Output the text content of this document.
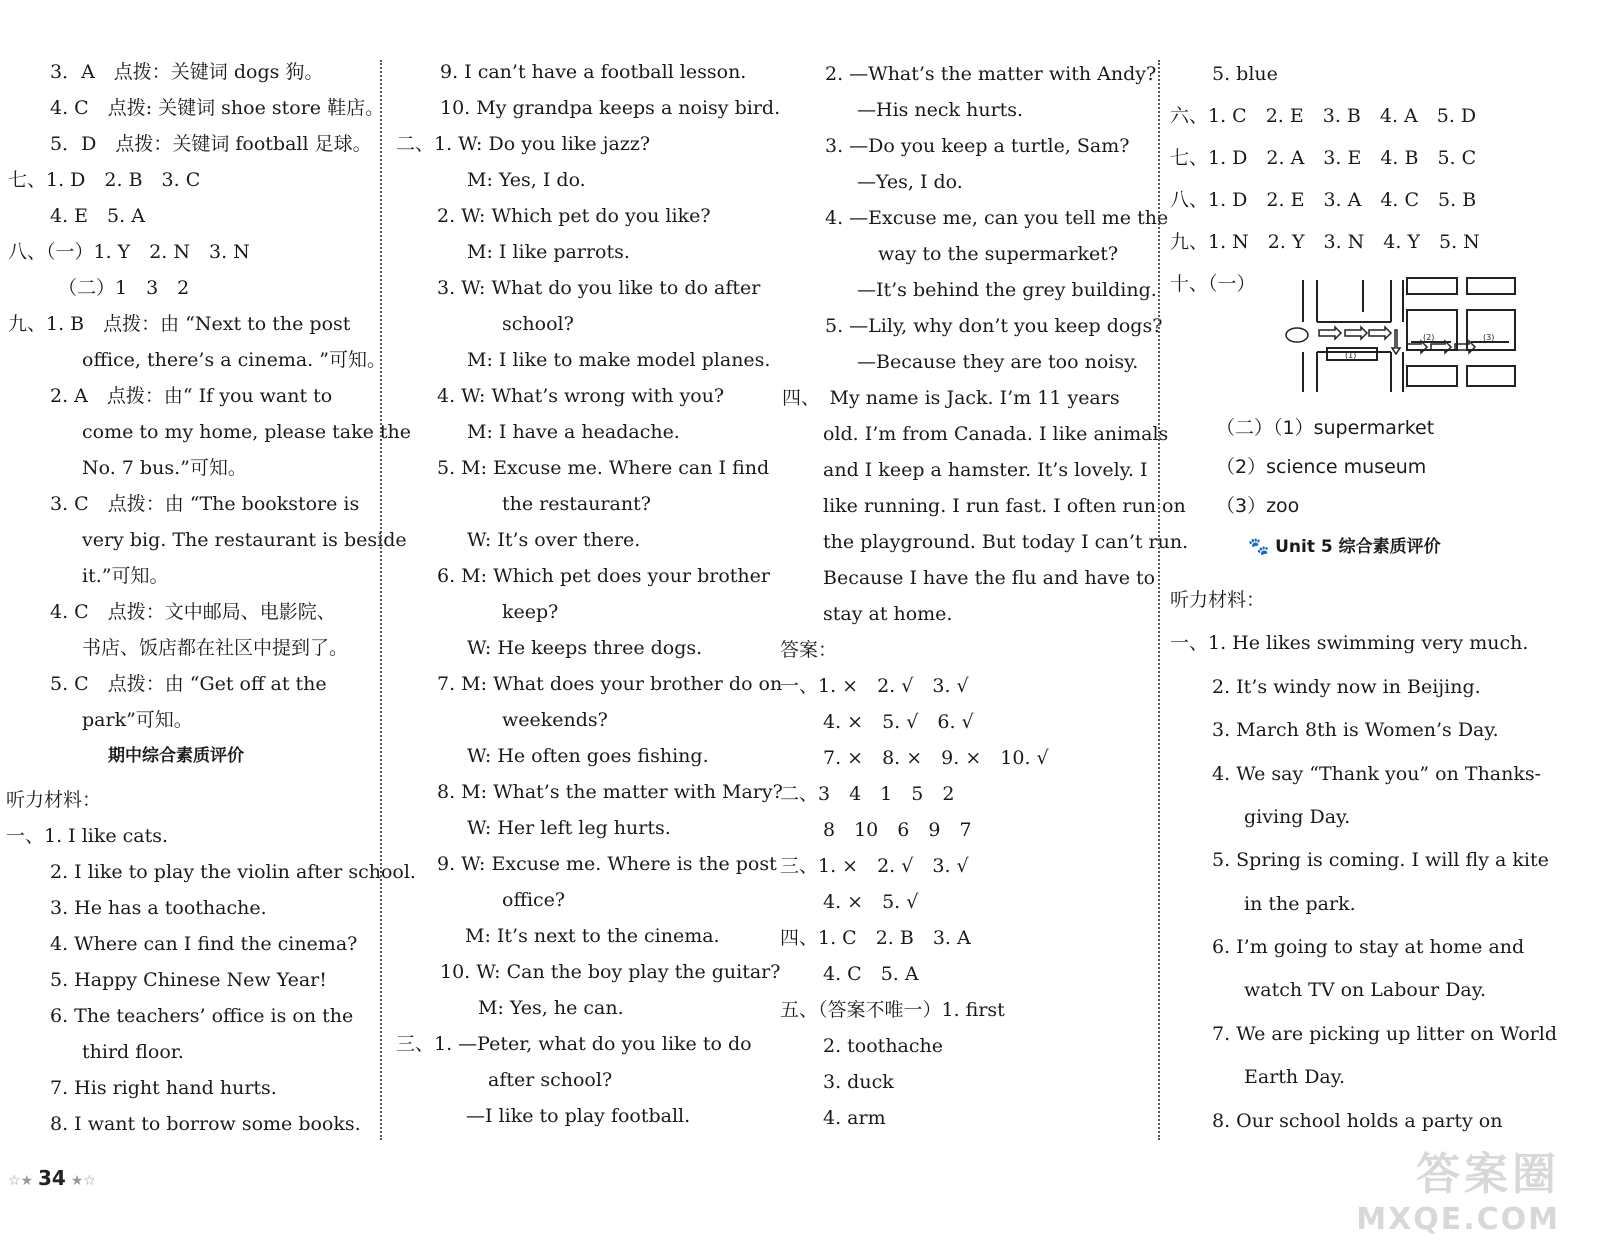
3．A　点拨：关键词 dogs 狗。
4. C　点拨: 关键词 shoe store 鞋店。
5．D　点拨：关键词 football 足球。
七、1. D　2. B　3. C
4. E　5. A
八、（一）1. Y　2. N　3. N
（二）1　3　2
九、1. B　点拨：由 “Next to the post
office, there’s a cinema. ”可知。
2. A　点拨：由“ If you want to
come to my home, please take the
No. 7 bus.”可知。
3. C　点拨：由 “The bookstore is
very big. The restaurant is beside
it.”可知。
4. C　点拨：文中邮局、电影院、
书店、饭店都在社区中提到了。
5. C　点拨：由 “Get off at the
park”可知。
期中综合素质评价
听力材料：
一、1. I like cats.
2. I like to play the violin after school.
3. He has a toothache.
4. Where can I find the cinema?
5. Happy Chinese New Year!
6. The teachers’ office is on the
third floor.
7. His right hand hurts.
8. I want to borrow some books.
9. I can’t have a football lesson.
10. My grandpa keeps a noisy bird.
二、1. W: Do you like jazz?
M: Yes, I do.
2. W: Which pet do you like?
M: I like parrots.
3. W: What do you like to do after
school?
M: I like to make model planes.
4. W: What’s wrong with you?
M: I have a headache.
5. M: Excuse me. Where can I find
the restaurant?
W: It’s over there.
6. M: Which pet does your brother
keep?
W: He keeps three dogs.
7. M: What does your brother do on
weekends?
W: He often goes fishing.
8. M: What’s the matter with Mary?
W: Her left leg hurts.
9. W: Excuse me. Where is the post
office?
M: It’s next to the cinema.
10. W: Can the boy play the guitar?
M: Yes, he can.
三、1. —Peter, what do you like to do
after school?
—I like to play football.
2. —What’s the matter with Andy?
—His neck hurts.
3. —Do you keep a turtle, Sam?
—Yes, I do.
4. —Excuse me, can you tell me the
way to the supermarket?
—It’s behind the grey building.
5. —Lily, why don’t you keep dogs?
—Because they are too noisy.
四、　My name is Jack. I’m 11 years
old. I’m from Canada. I like animals
and I keep a hamster. It’s lovely. I
like running. I run fast. I often run on
the playground. But today I can’t run.
Because I have the flu and have to
stay at home.
答案：
一、1. ×　2. √　3. √
4. ×　5. √　6. √
7. ×　8. ×　9. ×　10. √
二、3　4　1　5　2
8　10　6　9　7
三、1. ×　2. √　3. √
4. ×　5. √
四、1. C　2. B　3. A
4. C　5. A
五、（答案不唯一）1. first
2. toothache
3. duck
4. arm
5. blue
六、1. C　2. E　3. B　4. A　5. D
七、1. D　2. A　3. E　4. B　5. C
八、1. D　2. E　3. A　4. C　5. B
九、1. N　2. Y　3. N　4. Y　5. N
十、（一）
（二）（1）supermarket
（2）science museum
（3）zoo
🐾 Unit 5 综合素质评价
听力材料：
一、1. He likes swimming very much.
2. It’s windy now in Beijing.
3. March 8th is Women’s Day.
4. We say “Thank you” on Thanks-
giving Day.
5. Spring is coming. I will fly a kite
in the park.
6. I’m going to stay at home and
watch TV on Labour Day.
7. We are picking up litter on World
Earth Day.
8. Our school holds a party on
(1)
(2)	(3)
☆★ 34 ★☆	答案圈
MXQE.COM
